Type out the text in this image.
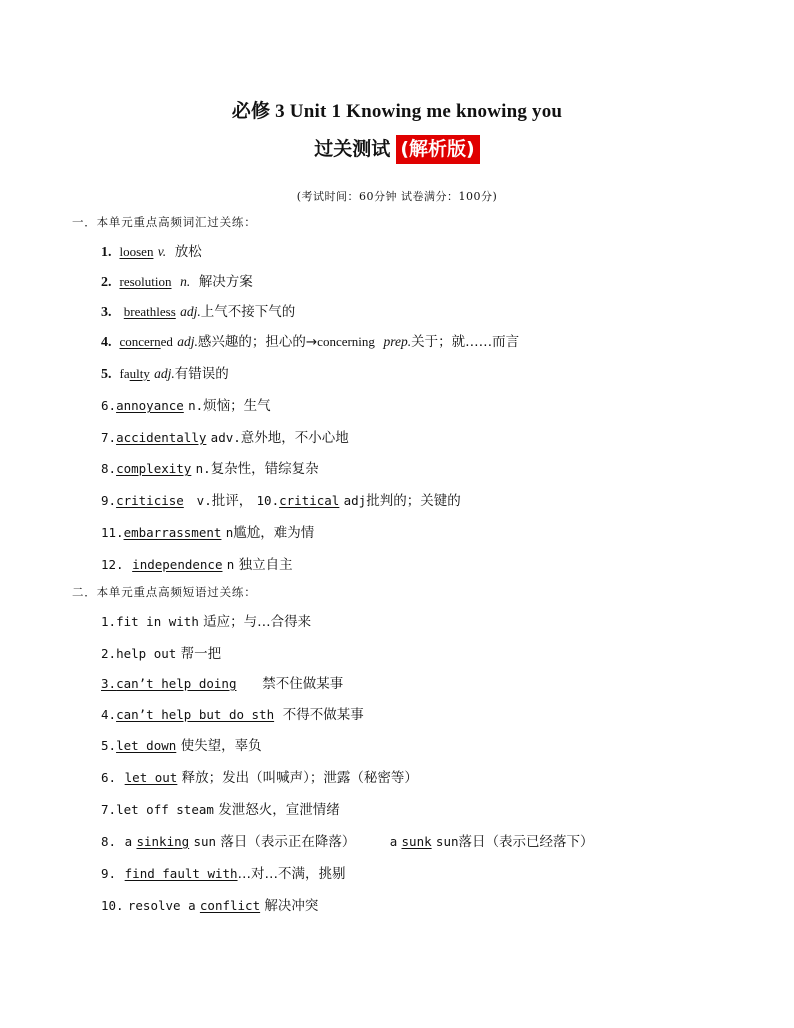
必修 3 Unit 1 Knowing me knowing you
过关测试 (解析版)
(考试时间：60分钟 试卷满分：100分)
一．本单元重点高频词汇过关练：
1. loosen v. 放松
2. resolution n. 解决方案
3. breathless adj.上气不接下气的
4. concerned adj.感兴趣的；担心的→concerning prep.关于；就……而言
5. faulty adj.有错误的
6.annoyance n.烦恼；生气
7.accidentally adv.意外地，不小心地
8.complexity n.复杂性，错综复杂
9.criticise v.批评， 10.critical adj批判的；关键的
11.embarrassment n尴尬，难为情
12. independence n 独立自主
二．本单元重点高频短语过关练：
1.fit in with 适应；与…合得来
2.help out 帮一把
3.can’t help doing 禁不住做某事
4.can’t help but do sth 不得不做某事
5.let down 使失望，辜负
6. let out 释放；发出（叫喊声）；泄露（秘密等）
7.let off steam 发泄怒火，宣泄情绪
8. a sinking sun 落日（表示正在降落）	a sunk sun落日（表示已经落下）
9. find fault with…对…不满，挑剔
10. resolve a conflict 解决冲突
